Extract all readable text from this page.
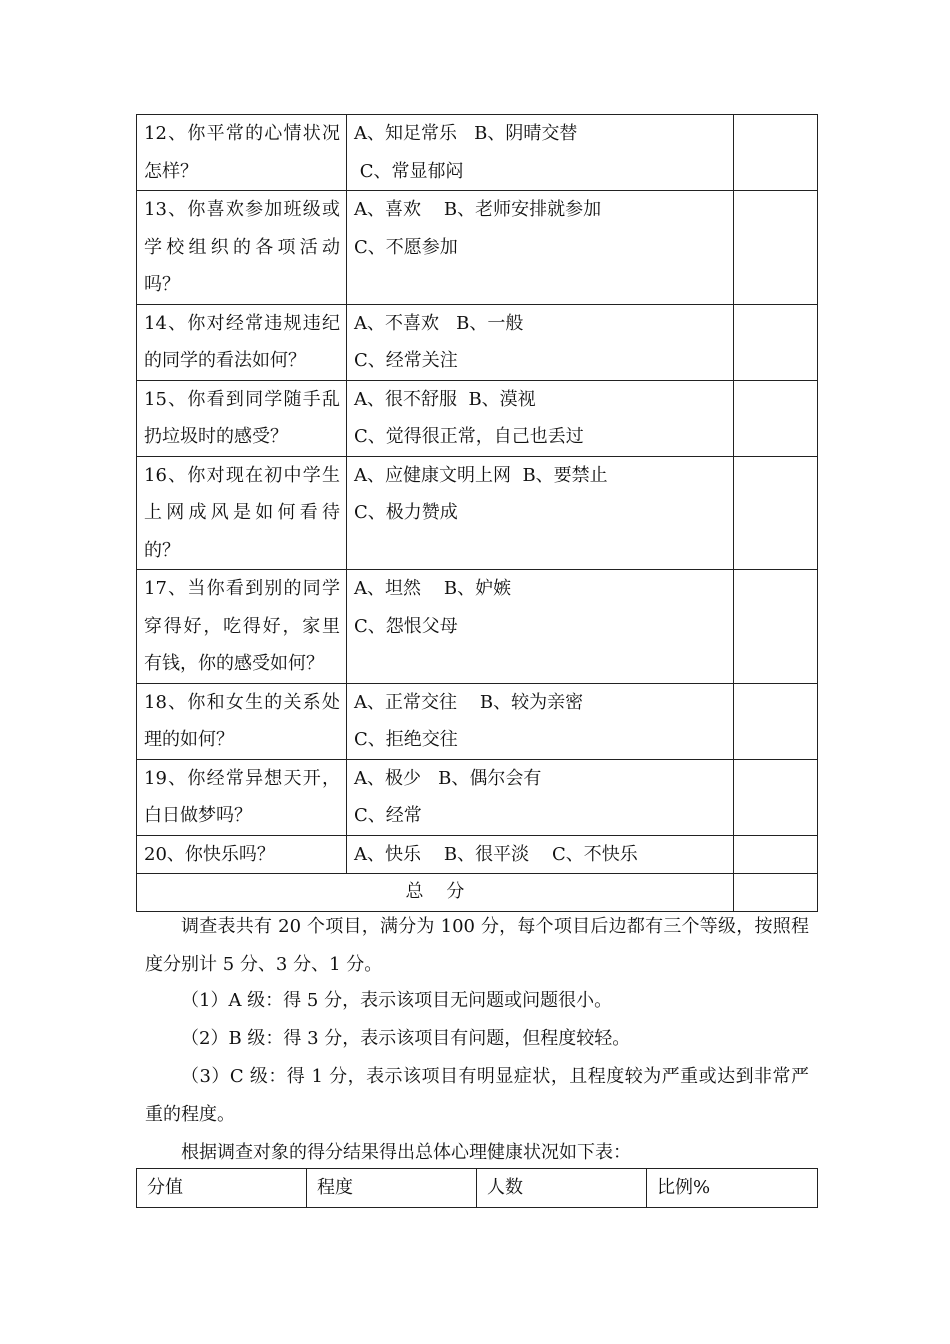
12、你平常的心情状况怎样？	A、知足常乐   B、阴晴交替
C、常显郁闷	

13、你喜欢参加班级或学校组织的各项活动吗？	A、喜欢    B、老师安排就参加
C、不愿参加	

14、你对经常违规违纪的同学的看法如何？	A、不喜欢   B、一般
C、经常关注	

15、你看到同学随手乱扔垃圾时的感受？	A、很不舒服  B、漠视
C、觉得很正常，自己也丢过	

16、你对现在初中学生上网成风是如何看待的？	A、应健康文明上网  B、要禁止
C、极力赞成	

17、当你看到别的同学穿得好，吃得好，家里有钱，你的感受如何？	A、坦然    B、妒嫉
C、怨恨父母	

18、你和女生的关系处理的如何？	A、正常交往    B、较为亲密
C、拒绝交往	

19、你经常异想天开，白日做梦吗？	A、极少   B、偶尔会有
C、经常	

20、你快乐吗？	A、快乐    B、很平淡    C、不快乐	

总    分		
调查表共有 20 个项目，满分为 100 分，每个项目后边都有三个等级，按照程度分别计 5 分、3 分、1 分。
（1）A 级：得 5 分，表示该项目无问题或问题很小。
（2）B 级：得 3 分，表示该项目有问题，但程度较轻。
（3）C 级：得 1 分，表示该项目有明显症状，且程度较为严重或达到非常严重的程度。
根据调查对象的得分结果得出总体心理健康状况如下表：
分值	程度	人数	比例%
